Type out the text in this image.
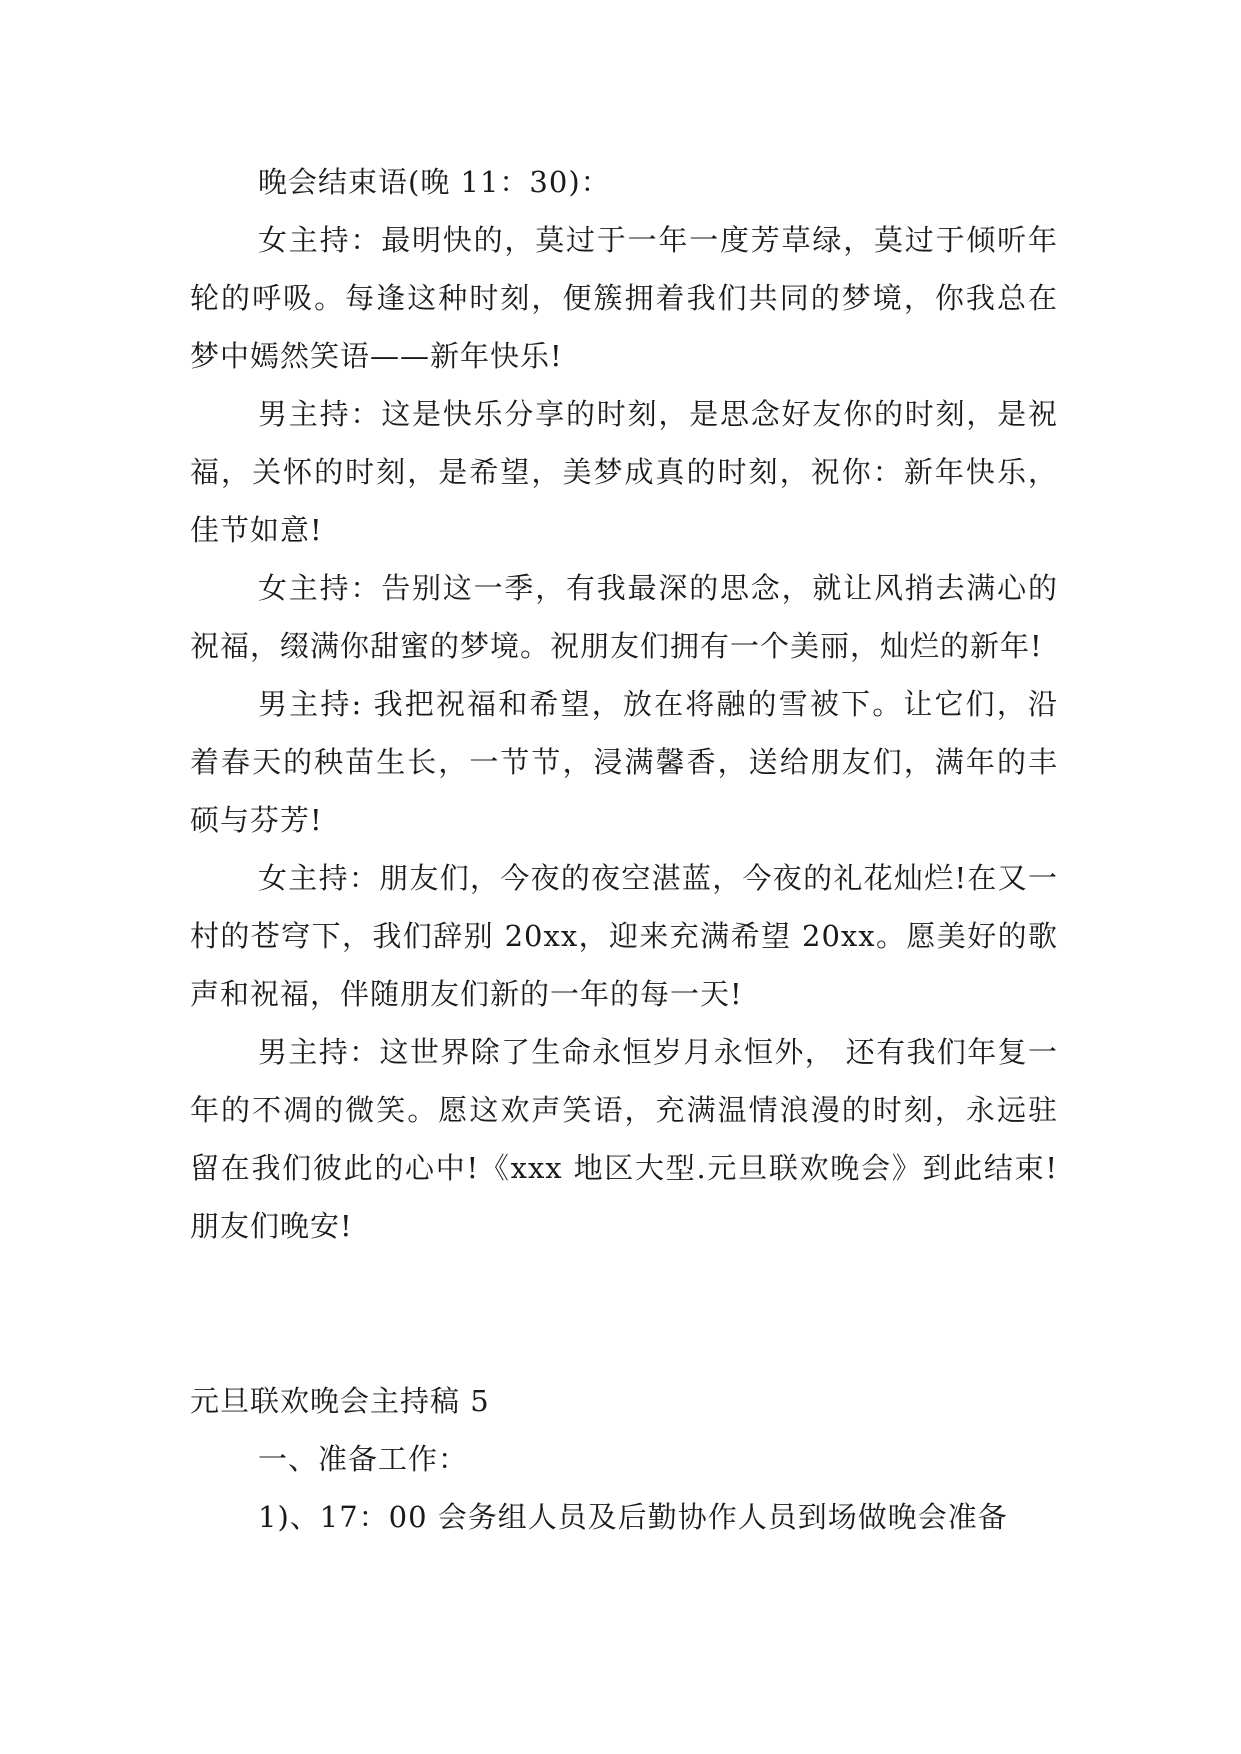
晚会结束语(晚 11：30)：

女主持：最明快的，莫过于一年一度芳草绿，莫过于倾听年轮的呼吸。每逢这种时刻，便簇拥着我们共同的梦境，你我总在梦中嫣然笑语——新年快乐!

男主持：这是快乐分享的时刻，是思念好友你的时刻，是祝福，关怀的时刻，是希望，美梦成真的时刻，祝你：新年快乐，佳节如意!

女主持：告别这一季，有我最深的思念，就让风捎去满心的祝福，缀满你甜蜜的梦境。祝朋友们拥有一个美丽，灿烂的新年!

男主持: 我把祝福和希望，放在将融的雪被下。让它们，沿着春天的秧苗生长，一节节，浸满馨香，送给朋友们，满年的丰硕与芬芳!

女主持：朋友们，今夜的夜空湛蓝，今夜的礼花灿烂!在又一村的苍穹下，我们辞别 20xx，迎来充满希望 20xx。愿美好的歌声和祝福，伴随朋友们新的一年的每一天!

男主持：这世界除了生命永恒岁月永恒外， 还有我们年复一年的不凋的微笑。愿这欢声笑语，充满温情浪漫的时刻，永远驻留在我们彼此的心中!《xxx 地区大型.元旦联欢晚会》到此结束!朋友们晚安!

元旦联欢晚会主持稿 5

一、准备工作：

1)、17：00 会务组人员及后勤协作人员到场做晚会准备
